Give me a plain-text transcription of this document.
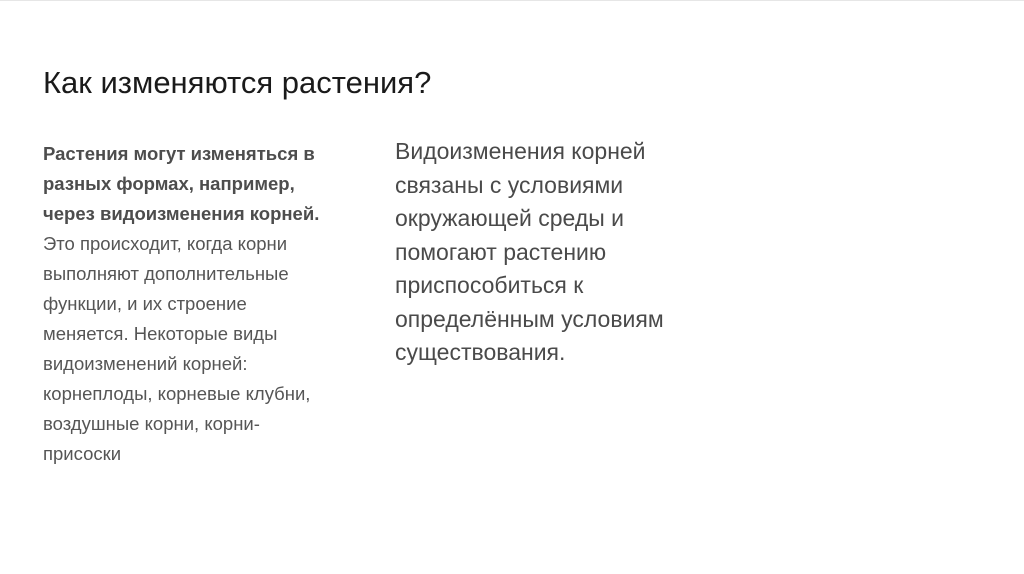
Как изменяются растения?
Растения могут изменяться в
разных формах, например,
через видоизменения корней.
Это происходит, когда корни
выполняют дополнительные
функции, и их строение
меняется. Некоторые виды
видоизменений корней:
корнеплоды, корневые клубни,
воздушные корни, корни-
присоски
Видоизменения корней
связаны с условиями
окружающей среды и
помогают растению
приспособиться к
определённым условиям
существования.
